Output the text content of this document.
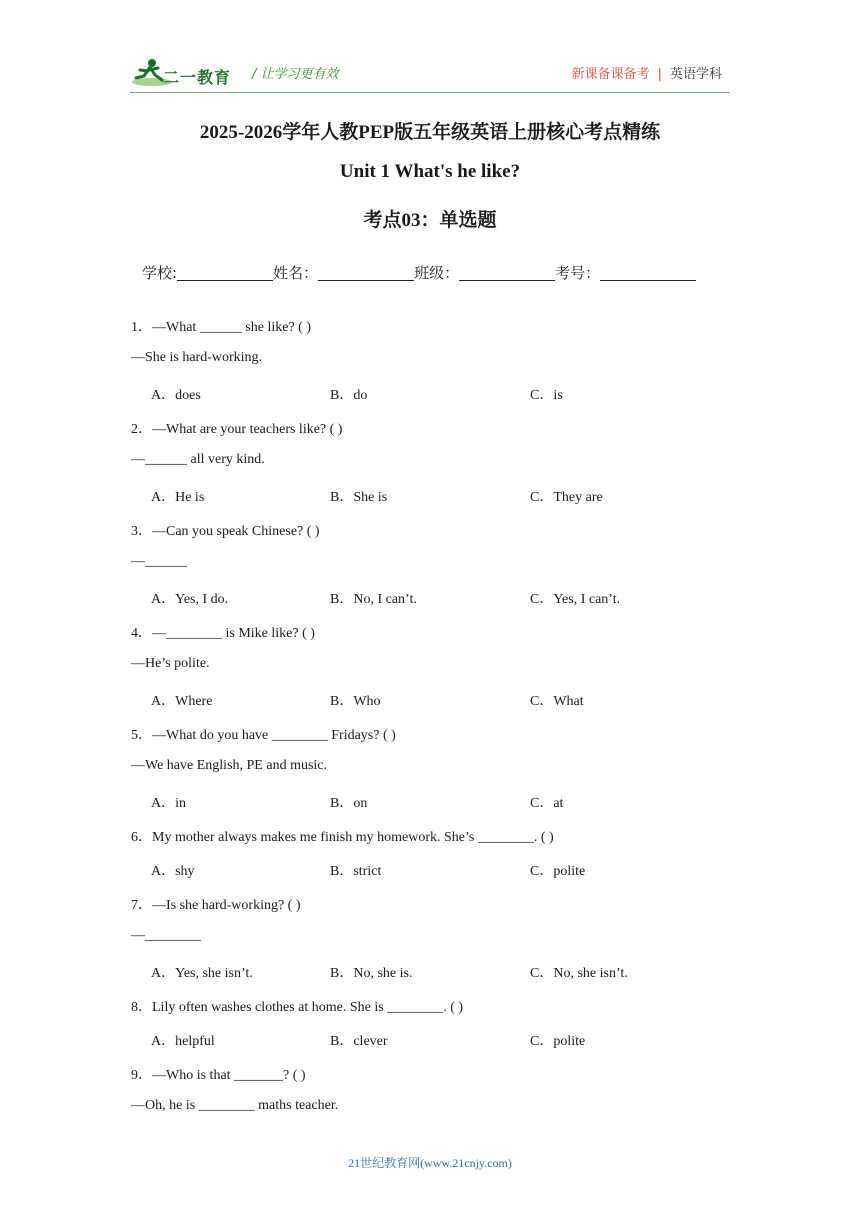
二一教育 / 让学习更有效	新课备课备考 | 英语学科
2025-2026学年人教PEP版五年级英语上册核心考点精练
Unit 1 What's he like?
考点03：单选题
学校:	姓名：	班级：	考号：
1．—What ______ she like? ( )
—She is hard-working.
A．does	B．do	C．is
2．—What are your teachers like? ( )
—______ all very kind.
A．He is	B．She is	C．They are
3．—Can you speak Chinese? ( )
—______
A．Yes, I do.	B．No, I can’t.	C．Yes, I can’t.
4．—________ is Mike like? ( )
—He’s polite.
A．Where	B．Who	C．What
5．—What do you have ________ Fridays? ( )
—We have English, PE and music.
A．in	B．on	C．at
6．My mother always makes me finish my homework. She’s ________. ( )
A．shy	B．strict	C．polite
7．—Is she hard-working? ( )
—________
A．Yes, she isn’t.	B．No, she is.	C．No, she isn’t.
8．Lily often washes clothes at home. She is ________. ( )
A．helpful	B．clever	C．polite
9．—Who is that _______? ( )
—Oh, he is ________ maths teacher.
21世纪教育网(www.21cnjy.com)
